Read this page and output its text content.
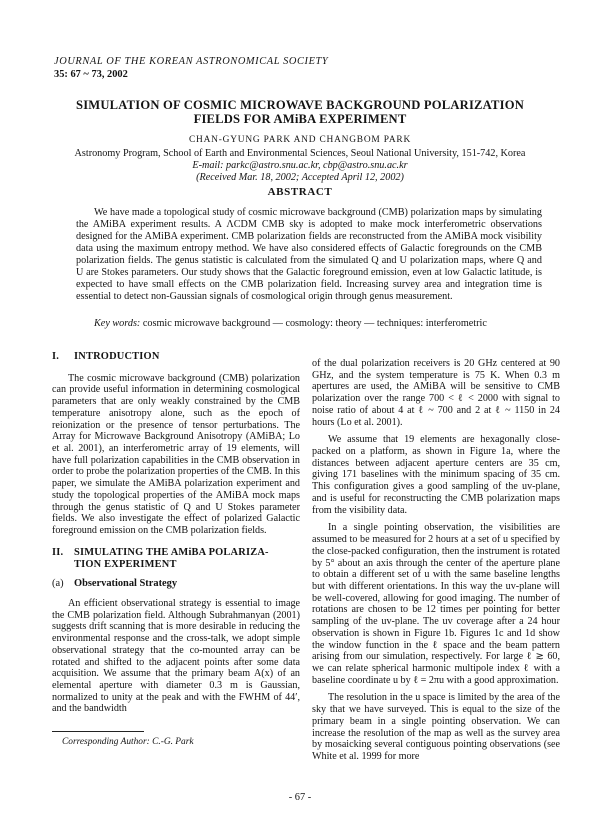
JOURNAL OF THE KOREAN ASTRONOMICAL SOCIETY
35: 67 ~ 73, 2002
SIMULATION OF COSMIC MICROWAVE BACKGROUND POLARIZATION
FIELDS FOR AMiBA EXPERIMENT
CHAN-GYUNG PARK AND CHANGBOM PARK
Astronomy Program, School of Earth and Environmental Sciences, Seoul National University, 151-742, Korea
E-mail: parkc@astro.snu.ac.kr, cbp@astro.snu.ac.kr
(Received Mar. 18, 2002; Accepted April 12, 2002)
ABSTRACT
We have made a topological study of cosmic microwave background (CMB) polarization maps by simulating the AMiBA experiment results. A ΛCDM CMB sky is adopted to make mock interferometric observations designed for the AMiBA experiment. CMB polarization fields are reconstructed from the AMiBA mock visibility data using the maximum entropy method. We have also considered effects of Galactic foregrounds on the CMB polarization fields. The genus statistic is calculated from the simulated Q and U polarization maps, where Q and U are Stokes parameters. Our study shows that the Galactic foreground emission, even at low Galactic latitude, is expected to have small effects on the CMB polarization field. Increasing survey area and integration time is essential to detect non-Gaussian signals of cosmological origin through genus measurement.
Key words: cosmic microwave background — cosmology: theory — techniques: interferometric
I. INTRODUCTION

The cosmic microwave background (CMB) polarization can provide useful information in determining cosmological parameters that are only weakly constrained by the CMB temperature anisotropy alone, such as the epoch of reionization or the presence of tensor perturbations. The Array for Microwave Background Anisotropy (AMiBA; Lo et al. 2001), an interferometric array of 19 elements, will have full polarization capabilities in the CMB observation in order to probe the polarization properties of the CMB. In this paper, we simulate the AMiBA polarization experiment and study the topological properties of the AMiBA mock maps through the genus statistic of Q and U Stokes parameter fields. We also investigate the effect of polarized Galactic foreground emission on the CMB polarization fields.

II. SIMULATING THE AMiBA POLARIZA-
TION EXPERIMENT
(a) Observational Strategy

An efficient observational strategy is essential to image the CMB polarization field. Although Subrahmanyan (2001) suggests drift scanning that is more desirable in reducing the environmental response and the cross-talk, we adopt simple observational strategy that the co-mounted array can be rotated and shifted to the adjacent points after some data acquisition. We assume that the primary beam A(x) of an elemental aperture with diameter 0.3 m is Gaussian, normalized to unity at the peak and with the FWHM of 44′, and the bandwidth

of the dual polarization receivers is 20 GHz centered at 90 GHz, and the system temperature is 75 K. When 0.3 m apertures are used, the AMiBA will be sensitive to CMB polarization over the range 700 < ℓ < 2000 with signal to noise ratio of about 4 at ℓ ~ 700 and 2 at ℓ ~ 1150 in 24 hours (Lo et al. 2001).

We assume that 19 elements are hexagonally close-packed on a platform, as shown in Figure 1a, where the distances between adjacent aperture centers are 35 cm, giving 171 baselines with the minimum spacing of 35 cm. This configuration gives a good sampling of the uv-plane, and is useful for reconstructing the CMB polarization maps from the visibility data.

In a single pointing observation, the visibilities are assumed to be measured for 2 hours at a set of u specified by the close-packed configuration, then the instrument is rotated by 5° about an axis through the center of the aperture plane to obtain a different set of u with the same baseline lengths but with different orientations. In this way the uv-plane will be well-covered, allowing for good imaging. The number of rotations are chosen to be 12 times per pointing for better sampling of the uv-plane. The uv coverage after a 24 hour observation is shown in Figure 1b. Figures 1c and 1d show the window function in the ℓ space and the beam pattern arising from our simulation, respectively. For large ℓ ≳ 60, we can relate spherical harmonic multipole index ℓ with a baseline coordinate u by ℓ = 2πu with a good approximation.

The resolution in the u space is limited by the area of the sky that we have surveyed. This is equal to the size of the primary beam in a single pointing observation. We can increase the resolution of the map as well as the survey area by mosaicking several contiguous pointing observations (see White et al. 1999 for more

Corresponding Author: C.-G. Park
- 67 -
